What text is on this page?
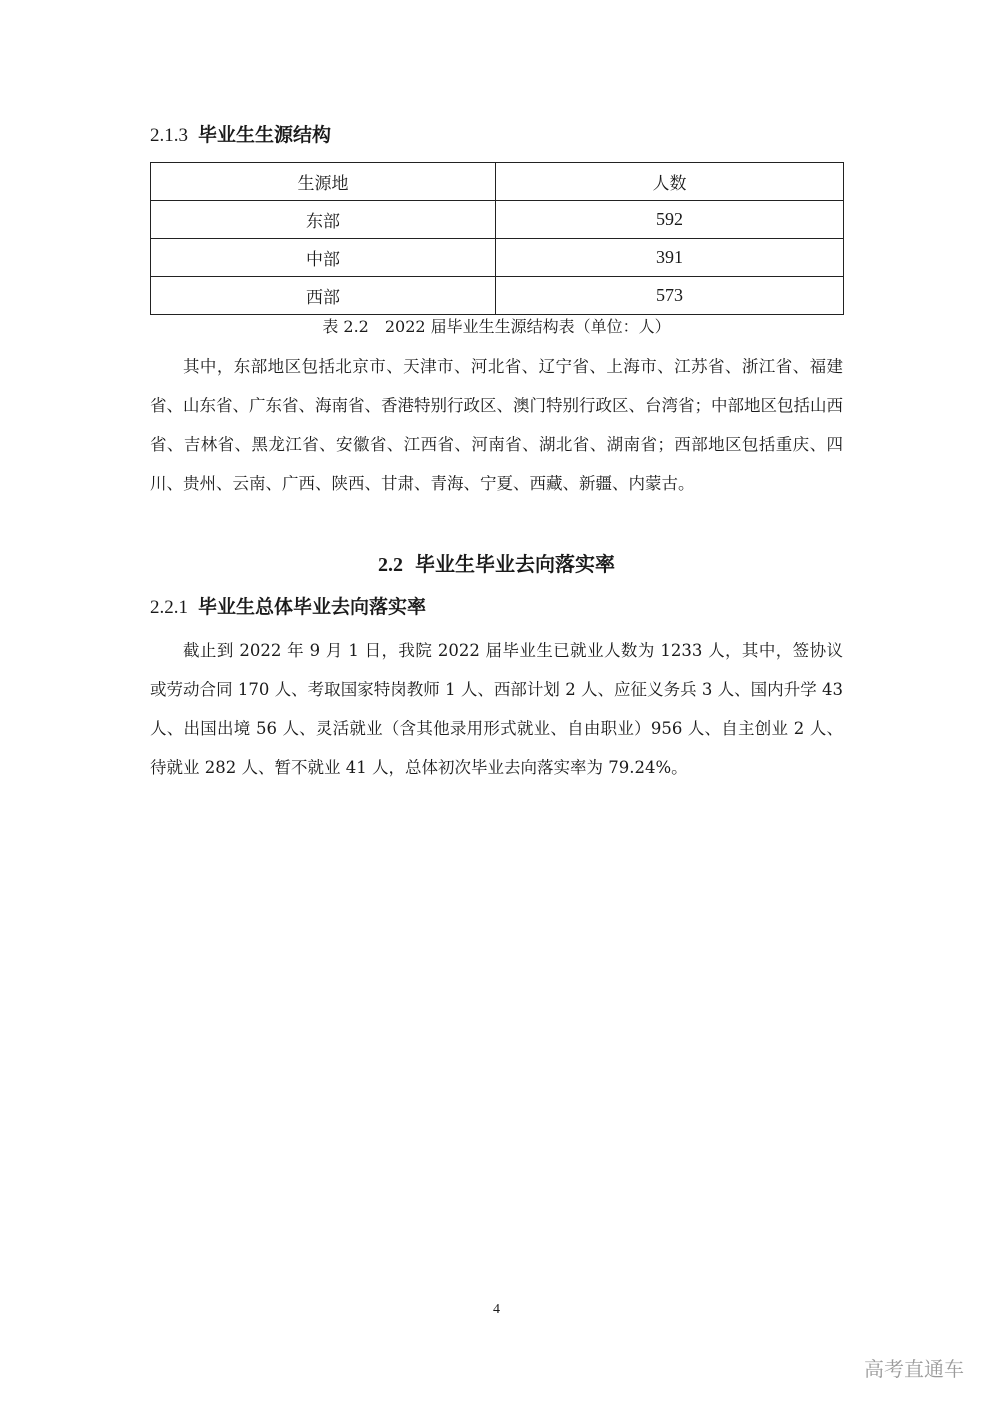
2.1.3 毕业生生源结构
生源地	人数
东部	592
中部	391
西部	573
表 2.2　2022 届毕业生生源结构表（单位：人）

其中，东部地区包括北京市、天津市、河北省、辽宁省、上海市、江苏省、浙江省、福建省、山东省、广东省、海南省、香港特别行政区、澳门特别行政区、台湾省；中部地区包括山西省、吉林省、黑龙江省、安徽省、江西省、河南省、湖北省、湖南省；西部地区包括重庆、四川、贵州、云南、广西、陕西、甘肃、青海、宁夏、西藏、新疆、内蒙古。

2.2 毕业生毕业去向落实率
2.2.1 毕业生总体毕业去向落实率

截止到 2022 年 9 月 1 日，我院 2022 届毕业生已就业人数为 1233 人，其中，签协议或劳动合同 170 人、考取国家特岗教师 1 人、西部计划 2 人、应征义务兵 3 人、国内升学 43 人、出国出境 56 人、灵活就业（含其他录用形式就业、自由职业）956 人、自主创业 2 人、待就业 282 人、暂不就业 41 人，总体初次毕业去向落实率为 79.24%。

4
高考直通车
